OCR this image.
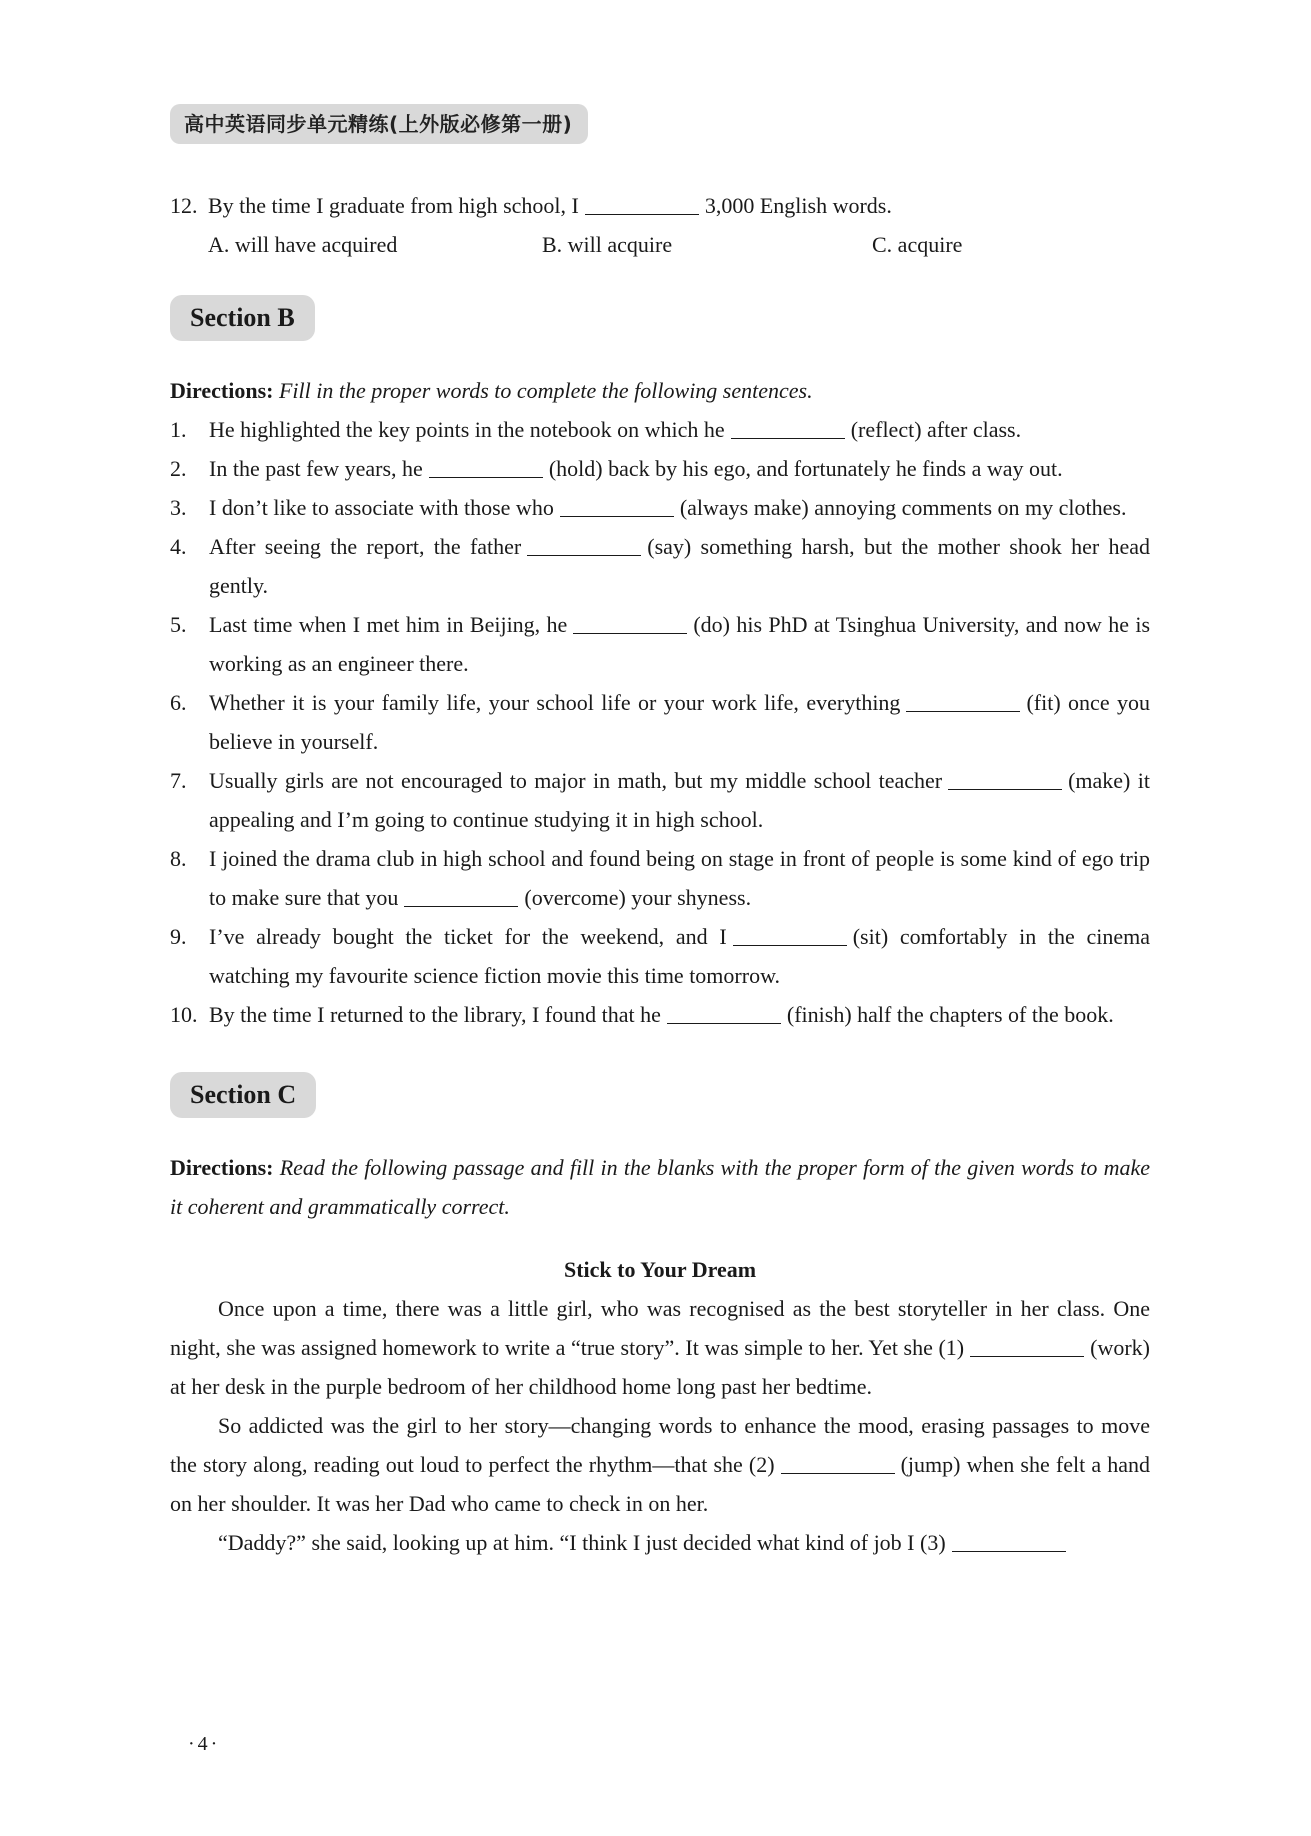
高中英语同步单元精练(上外版必修第一册)
12. By the time I graduate from high school, I	3,000 English words.
A. will have acquired	B. will acquire	C. acquire
Section B
Directions: Fill in the proper words to complete the following sentences.
1.	He highlighted the key points in the notebook on which he	(reflect) after class.
2.	In the past few years, he	(hold) back by his ego, and fortunately he finds a way out.
3.	I don’t like to associate with those who	(always make) annoying comments on my clothes.
4.	After seeing the report, the father	(say) something harsh, but the mother shook her head gently.
5.	Last time when I met him in Beijing, he	(do) his PhD at Tsinghua University, and now he is working as an engineer there.
6.	Whether it is your family life, your school life or your work life, everything	(fit) once you believe in yourself.
7.	Usually girls are not encouraged to major in math, but my middle school teacher	(make) it appealing and I’m going to continue studying it in high school.
8.	I joined the drama club in high school and found being on stage in front of people is some kind of ego trip to make sure that you	(overcome) your shyness.
9.	I’ve already bought the ticket for the weekend, and I	(sit) comfortably in the cinema watching my favourite science fiction movie this time tomorrow.
10. By the time I returned to the library, I found that he	(finish) half the chapters of the book.
Section C
Directions: Read the following passage and fill in the blanks with the proper form of the given words to make it coherent and grammatically correct.
Stick to Your Dream
Once upon a time, there was a little girl, who was recognised as the best storyteller in her class. One night, she was assigned homework to write a “true story”. It was simple to her. Yet she (1)	(work) at her desk in the purple bedroom of her childhood home long past her bedtime.
So addicted was the girl to her story—changing words to enhance the mood, erasing passages to move the story along, reading out loud to perfect the rhythm—that she (2)	(jump) when she felt a hand on her shoulder. It was her Dad who came to check in on her.
“Daddy?” she said, looking up at him. “I think I just decided what kind of job I (3)
·4·
